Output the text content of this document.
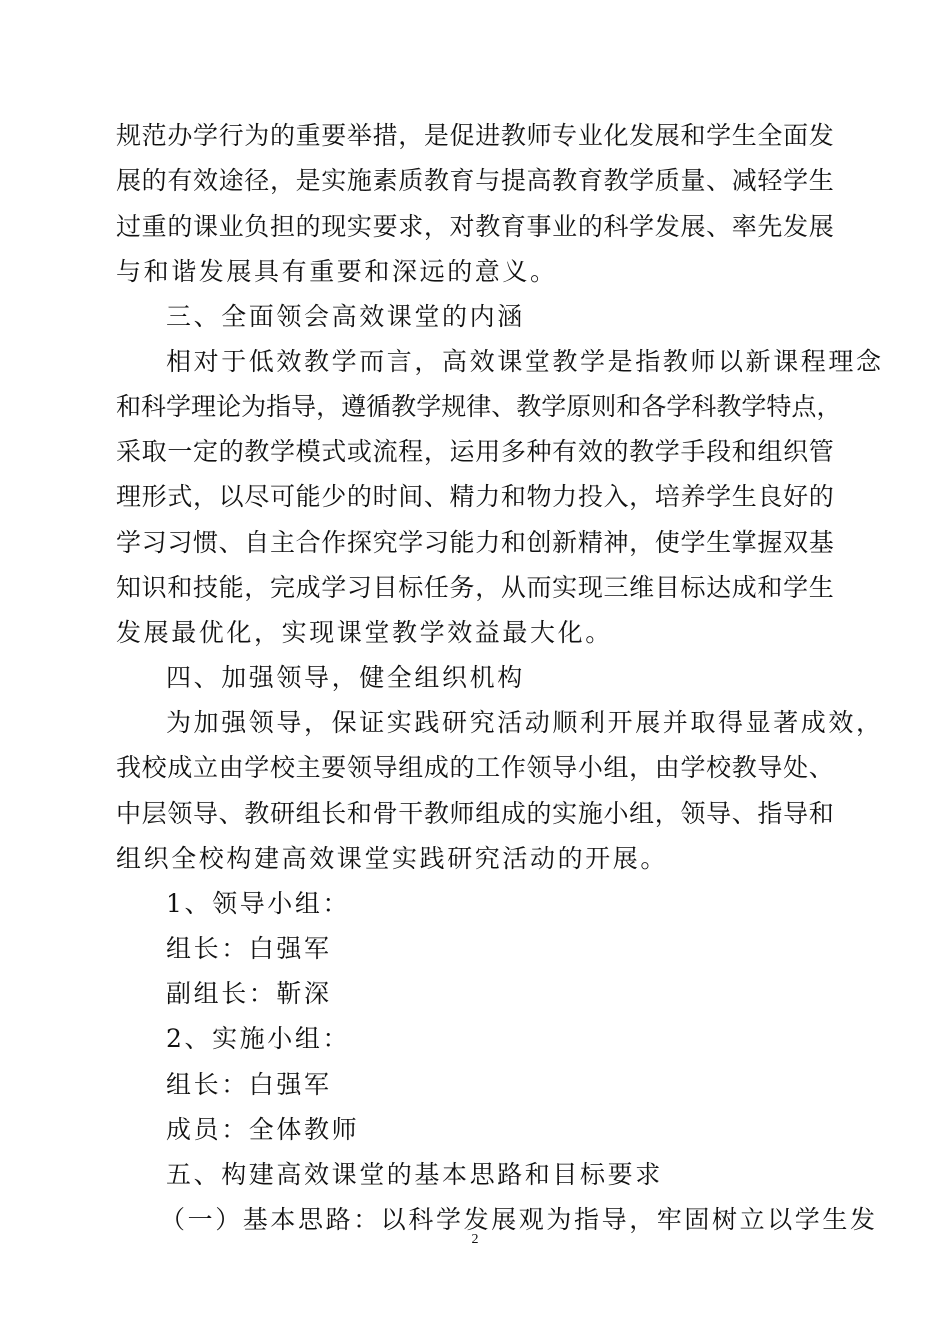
规 范 办 学 行 为 的 重 要 举 措 ， 是 促 进 教 师 专 业 化 发 展 和 学 生 全 面 发
展 的 有 效 途 径 ， 是 实 施 素 质 教 育 与 提 高 教 育 教 学 质 量 、 减 轻 学 生
过 重 的 课 业 负 担 的 现 实 要 求 ， 对 教 育 事 业 的 科 学 发 展 、 率 先 发 展
与和谐发展具有重要和深远的意义。
三、全面领会高效课堂的内涵
相对于低效教学而言，高效课堂教学是指教师以新课程理念
和 科 学 理 论 为 指 导 ， 遵 循 教 学 规 律 、 教 学 原 则 和 各 学 科 教 学 特 点 ，
采 取 一 定 的 教 学 模 式 或 流 程 ， 运 用 多 种 有 效 的 教 学 手 段 和 组 织 管
理 形 式 ， 以 尽 可 能 少 的 时 间 、 精 力 和 物 力 投 入 ， 培 养 学 生 良 好 的
学 习 习 惯 、 自 主 合 作 探 究 学 习 能 力 和 创 新 精 神 ， 使 学 生 掌 握 双 基
知 识 和 技 能 ， 完 成 学 习 目 标 任 务 ， 从 而 实 现 三 维 目 标 达 成 和 学 生
发展最优化，实现课堂教学效益最大化。
四、加强领导，健全组织机构
为加强领导，保证实践研究活动顺利开展并取得显著成效，
我 校 成 立 由 学 校 主 要 领 导 组 成 的 工 作 领 导 小 组 ， 由 学 校 教 导 处 、
中 层 领 导 、 教 研 组 长 和 骨 干 教 师 组 成 的 实 施 小 组 ， 领 导 、 指 导 和
组织全校构建高效课堂实践研究活动的开展。
1、领导小组：
组长：白强军
副组长：靳深
2、实施小组：
组长：白强军
成员：全体教师
五、构建高效课堂的基本思路和目标要求
（一）基本思路：以科学发展观为指导，牢固树立以学生发
2
